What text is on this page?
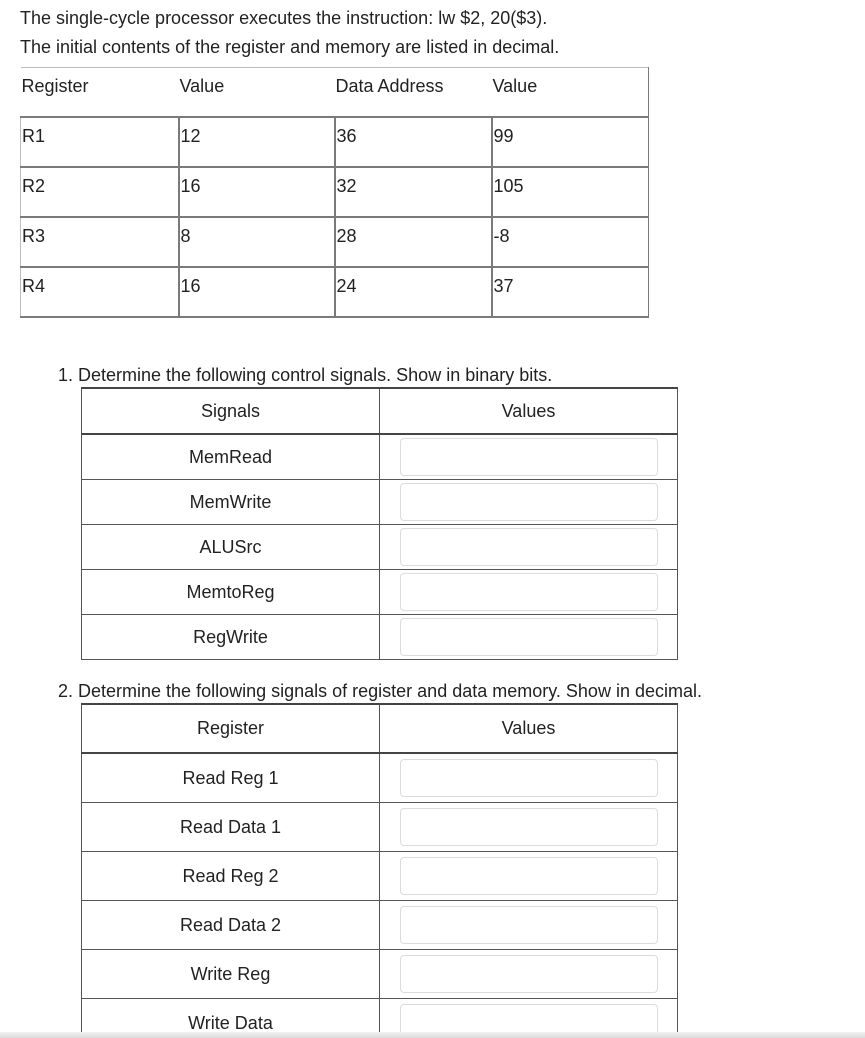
The single-cycle processor executes the instruction: lw $2, 20($3).
The initial contents of the register and memory are listed in decimal.
Register	Value	Data Address	Value
R1	12	36	99
R2	16	32	105
R3	8	28	-8
R4	16	24	37
1. Determine the following control signals. Show in binary bits.
Signals	Values
MemRead	

MemWrite	

ALUSrc	

MemtoReg	

RegWrite	
2. Determine the following signals of register and data memory. Show in decimal.
Register	Values
Read Reg 1	

Read Data 1	

Read Reg 2	

Read Data 2	

Write Reg	

Write Data	
